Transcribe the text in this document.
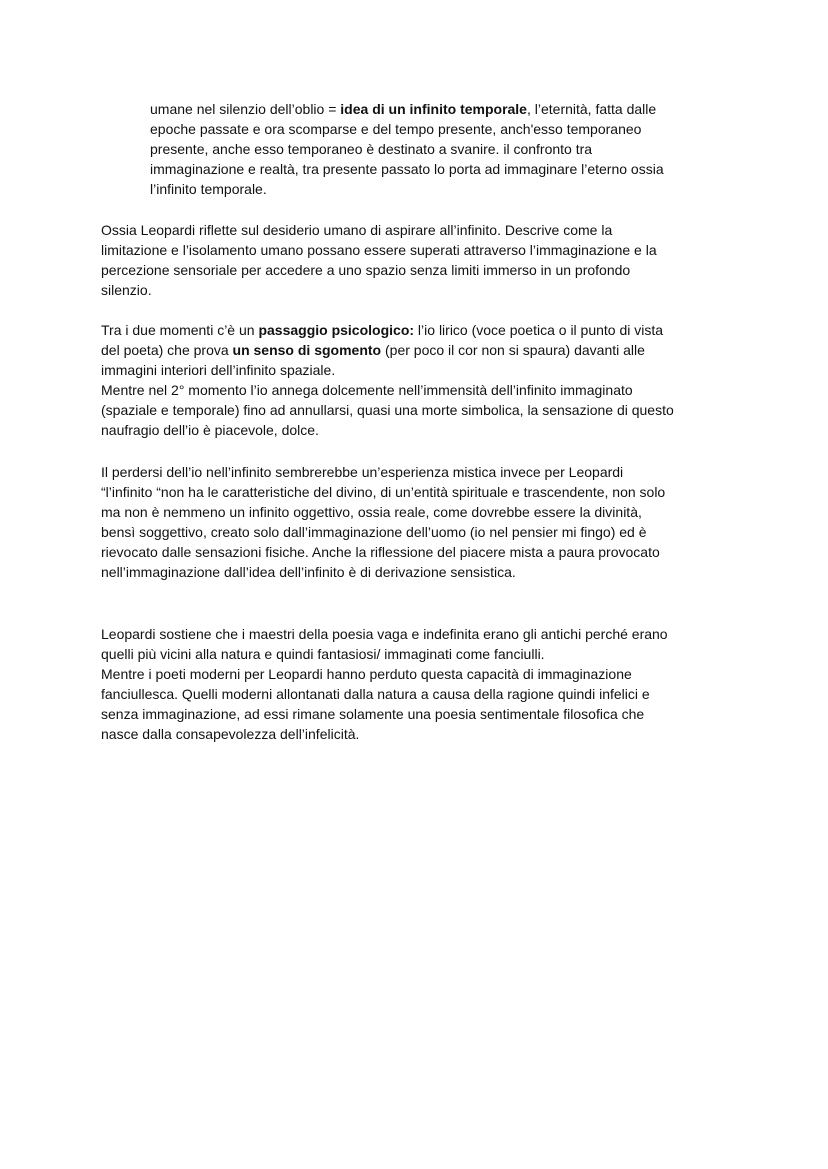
umane nel silenzio dell’oblio = idea di un infinito temporale, l’eternità, fatta dalle
epoche passate e ora scomparse e del tempo presente, anch'esso temporaneo
presente, anche esso temporaneo è destinato a svanire. il confronto tra
immaginazione e realtà, tra presente passato lo porta ad immaginare l’eterno ossia
l’infinito temporale.

Ossia Leopardi riflette sul desiderio umano di aspirare all’infinito. Descrive come la
limitazione e l’isolamento umano possano essere superati attraverso l’immaginazione e la
percezione sensoriale per accedere a uno spazio senza limiti immerso in un profondo
silenzio.

Tra i due momenti c’è un passaggio psicologico: l’io lirico (voce poetica o il punto di vista
del poeta) che prova un senso di sgomento (per poco il cor non si spaura) davanti alle
immagini interiori dell’infinito spaziale.
Mentre nel 2° momento l’io annega dolcemente nell’immensità dell’infinito immaginato
(spaziale e temporale) fino ad annullarsi, quasi una morte simbolica, la sensazione di questo
naufragio dell’io è piacevole, dolce.

Il perdersi dell’io nell’infinito sembrerebbe un’esperienza mistica invece per Leopardi
“l’infinito “non ha le caratteristiche del divino, di un’entità spirituale e trascendente, non solo
ma non è nemmeno un infinito oggettivo, ossia reale, come dovrebbe essere la divinità,
bensì soggettivo, creato solo dall’immaginazione dell’uomo (io nel pensier mi fingo) ed è
rievocato dalle sensazioni fisiche. Anche la riflessione del piacere mista a paura provocato
nell’immaginazione dall’idea dell’infinito è di derivazione sensistica.

Leopardi sostiene che i maestri della poesia vaga e indefinita erano gli antichi perché erano
quelli più vicini alla natura e quindi fantasiosi/ immaginati come fanciulli.
Mentre i poeti moderni per Leopardi hanno perduto questa capacità di immaginazione
fanciullesca. Quelli moderni allontanati dalla natura a causa della ragione quindi infelici e
senza immaginazione, ad essi rimane solamente una poesia sentimentale filosofica che
nasce dalla consapevolezza dell’infelicità.
